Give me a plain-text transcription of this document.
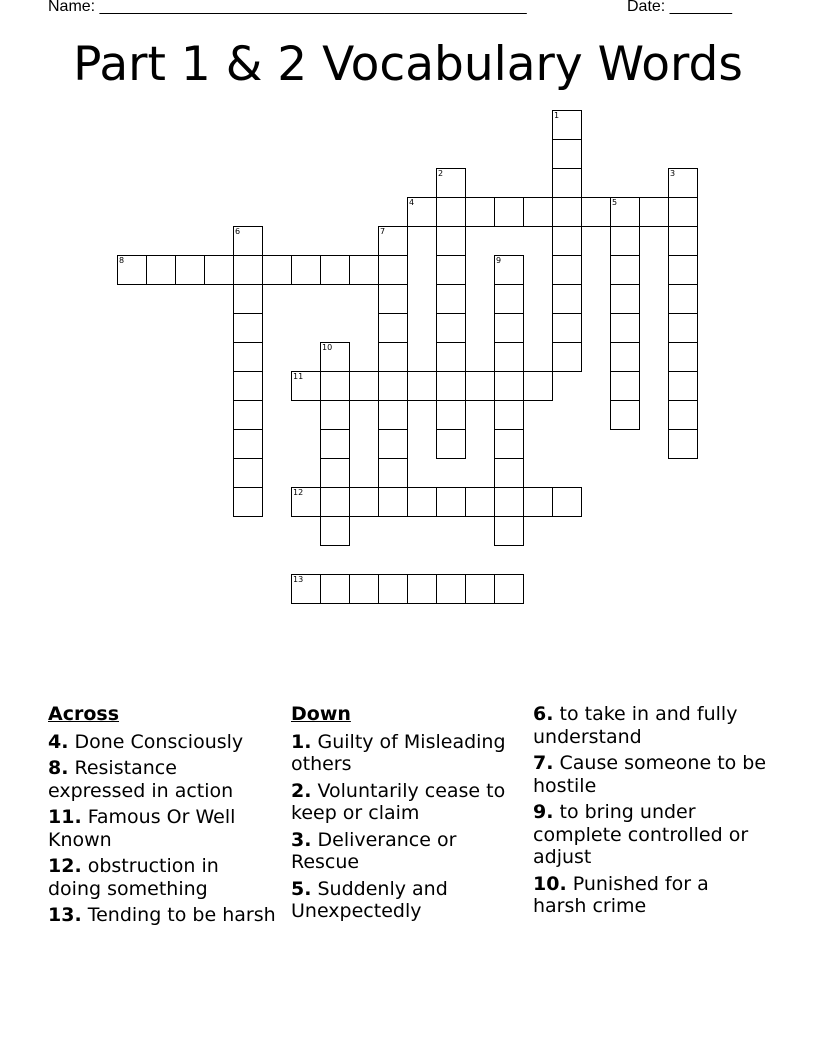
Name: ________________________________________________	Date: _______
Part 1 & 2 Vocabulary Words
1
2	3
4	5
6	7
8	9
10
11
12
13
Across
4. Done Consciously
8. Resistance expressed in action
11. Famous Or Well Known
12. obstruction in doing something
13. Tending to be harsh
Down
1. Guilty of Misleading others
2. Voluntarily cease to keep or claim
3. Deliverance or Rescue
5. Suddenly and Unexpectedly
6. to take in and fully understand
7. Cause someone to be hostile
9. to bring under complete controlled or adjust
10. Punished for a harsh crime
